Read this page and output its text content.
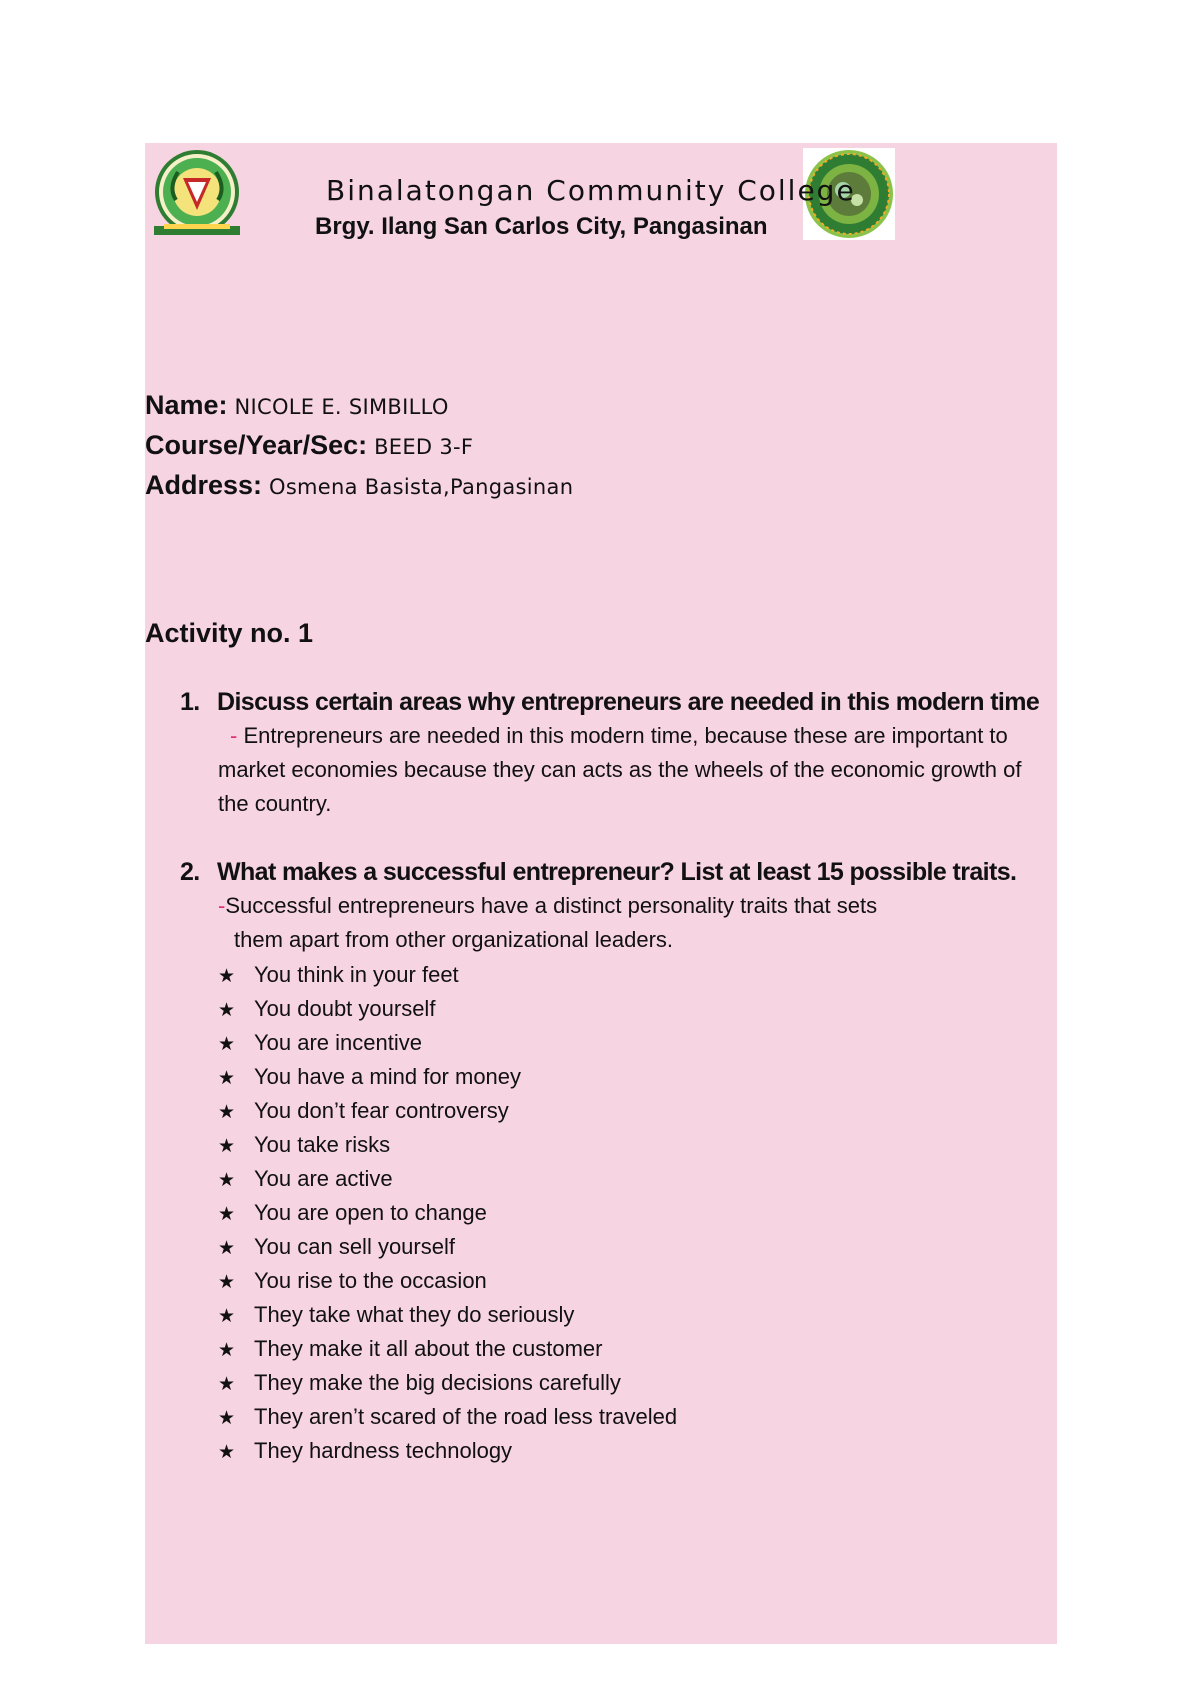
Binalatongan Community College
Brgy. Ilang San Carlos City, Pangasinan
Name: NICOLE E. SIMBILLO
Course/Year/Sec: BEED 3-F
Address: Osmena Basista,Pangasinan
Activity no. 1
1. Discuss certain areas why entrepreneurs are needed in this modern time
- Entrepreneurs are needed in this modern time, because these are important to
market economies because they can acts as the wheels of the economic growth of
the country.
2. What makes a successful entrepreneur? List at least 15 possible traits.
-Successful entrepreneurs have a distinct personality traits that sets
them apart from other organizational leaders.
★ You think in your feet
★ You doubt yourself
★ You are incentive
★ You have a mind for money
★ You don’t fear controversy
★ You take risks
★ You are active
★ You are open to change
★ You can sell yourself
★ You rise to the occasion
★ They take what they do seriously
★ They make it all about the customer
★ They make the big decisions carefully
★ They aren’t scared of the road less traveled
★ They hardness technology
